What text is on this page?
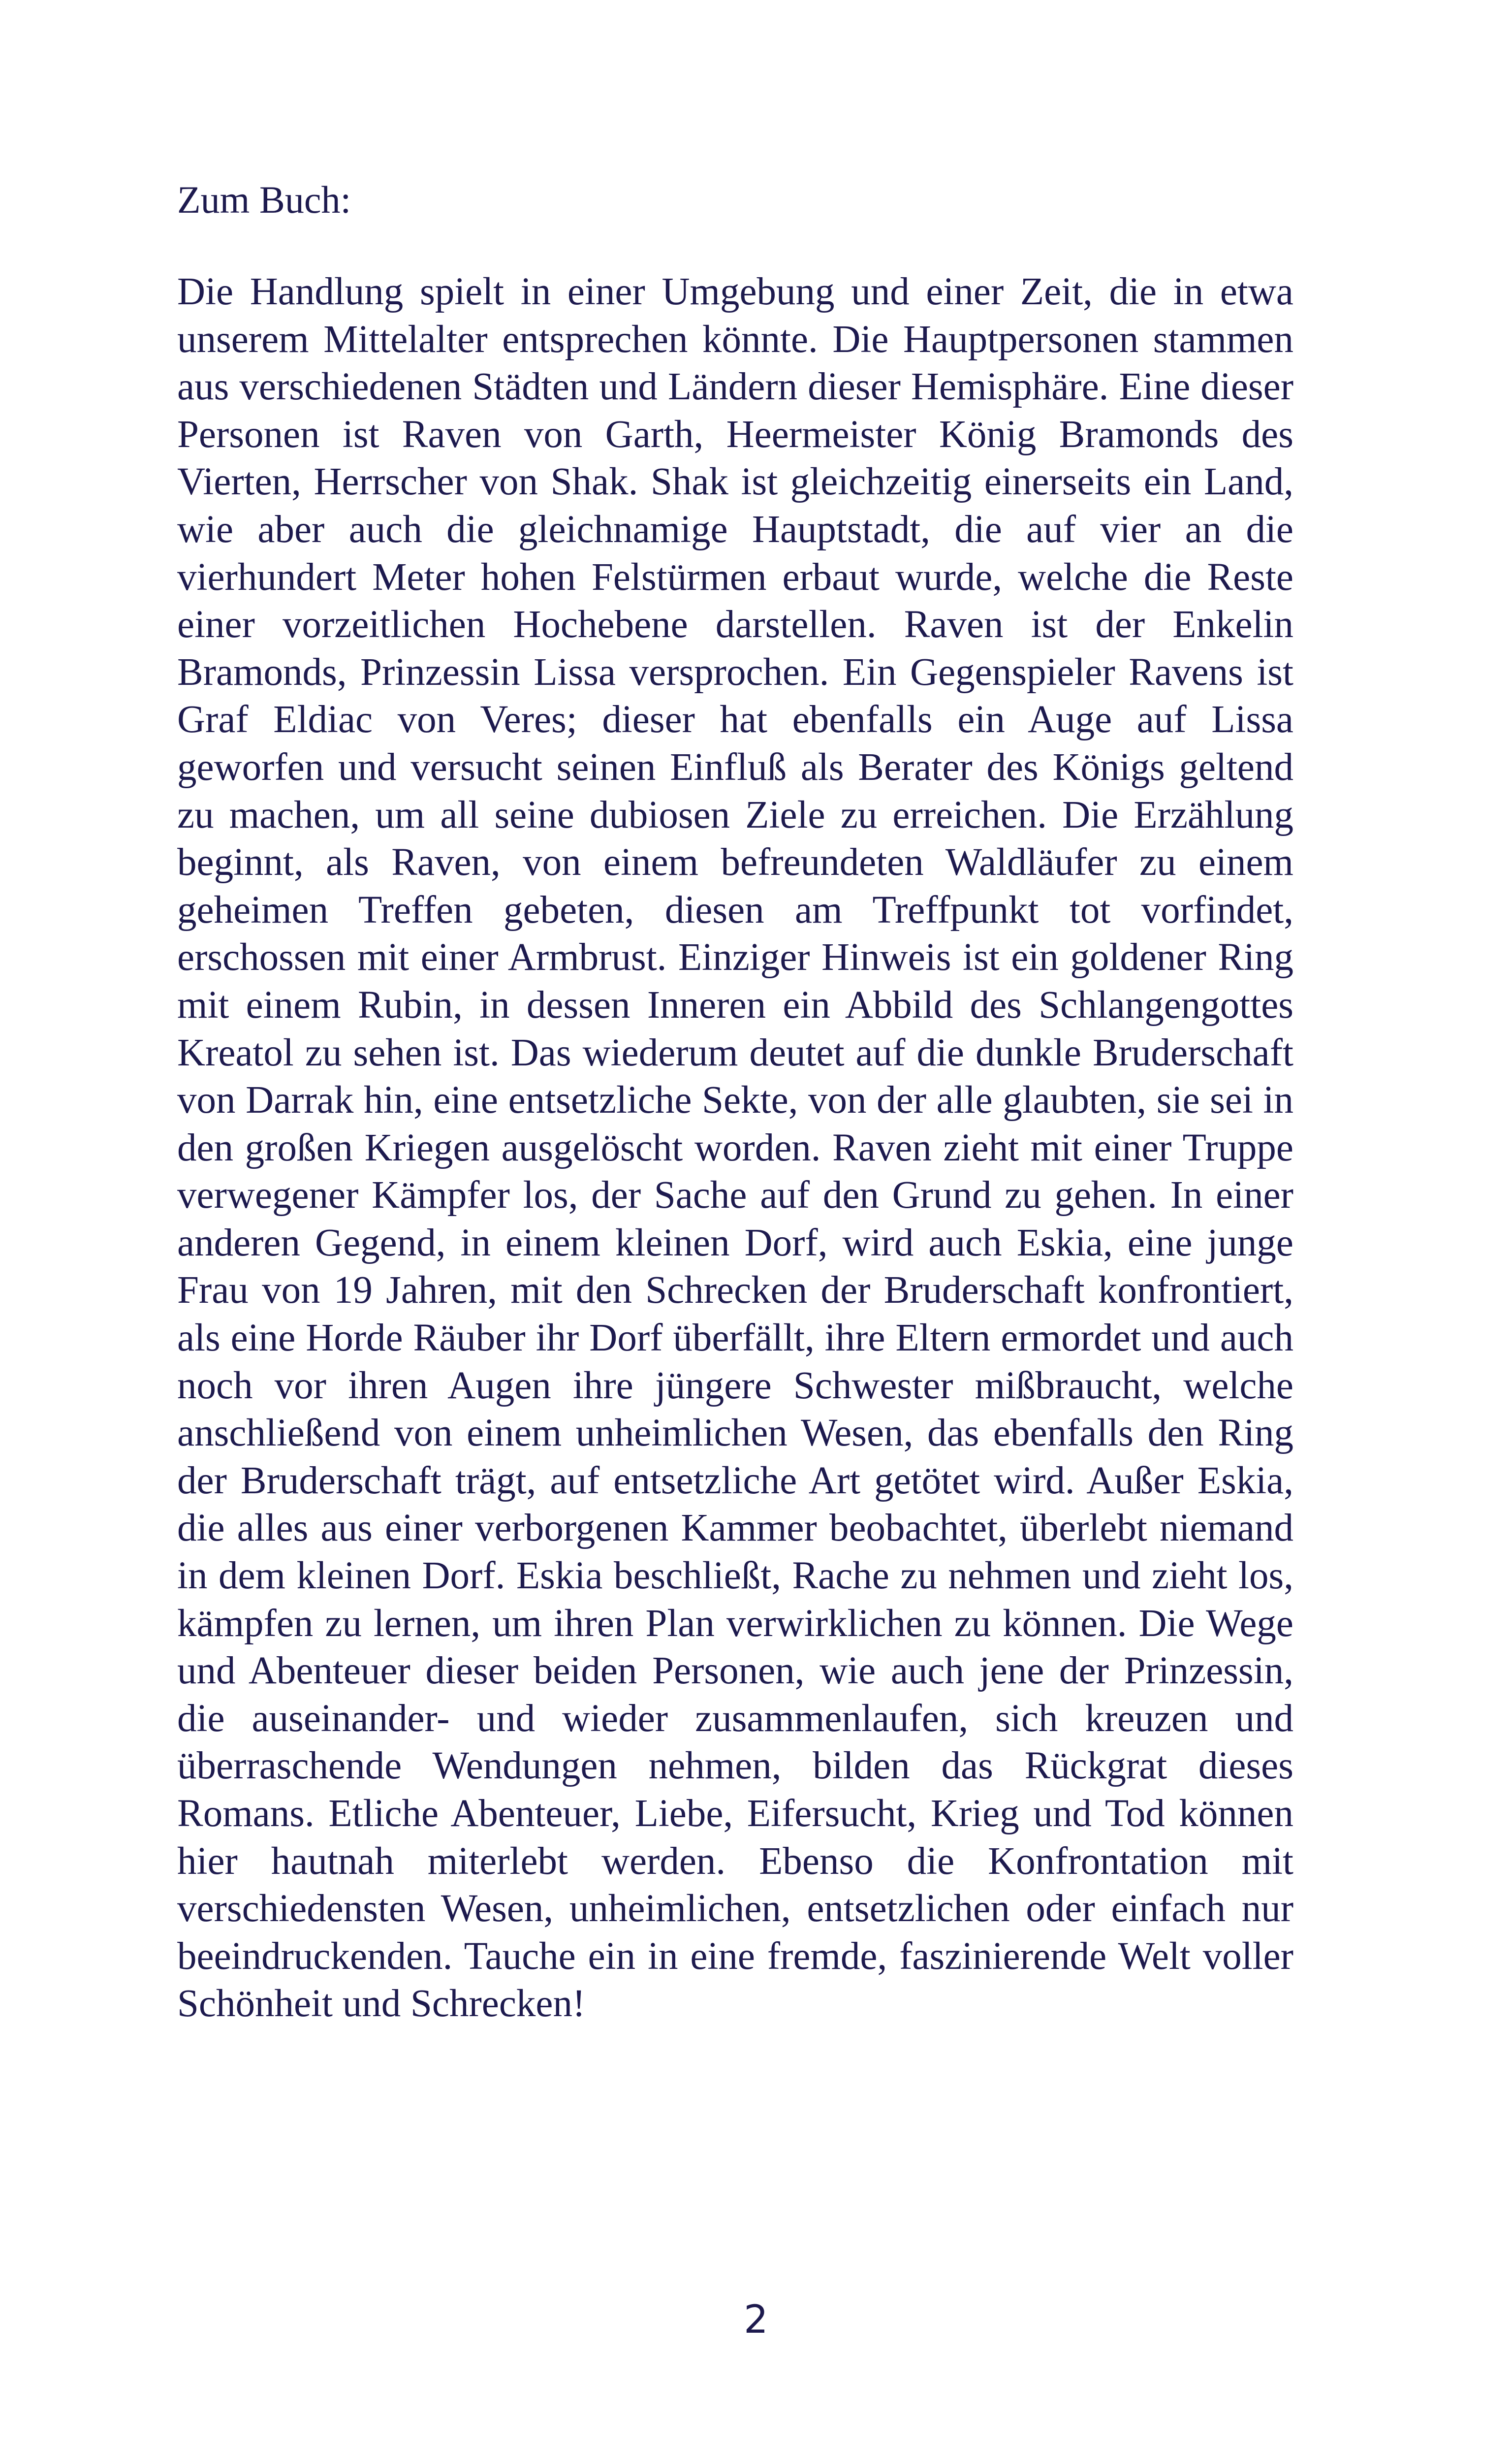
Zum Buch:

Die Handlung spielt in einer Umgebung und einer Zeit, die in etwa unserem Mittelalter entsprechen könnte. Die Hauptpersonen stammen aus verschiedenen Städten und Ländern dieser Hemisphäre. Eine dieser Personen ist Raven von Garth, Heermeister König Bramonds des Vierten, Herrscher von Shak. Shak ist gleichzeitig einerseits ein Land, wie aber auch die gleichnamige Hauptstadt, die auf vier an die vierhundert Meter hohen Felstürmen erbaut wurde, welche die Reste einer vorzeitlichen Hochebene darstellen. Raven ist der Enkelin Bramonds, Prinzessin Lissa versprochen. Ein Gegenspieler Ravens ist Graf Eldiac von Veres; dieser hat ebenfalls ein Auge auf Lissa geworfen und versucht seinen Einfluß als Berater des Königs geltend zu machen, um all seine dubiosen Ziele zu erreichen. Die Erzählung beginnt, als Raven, von einem befreundeten Waldläufer zu einem geheimen Treffen gebeten, diesen am Treffpunkt tot vorfindet, erschossen mit einer Armbrust. Einziger Hinweis ist ein goldener Ring mit einem Rubin, in dessen Inneren ein Abbild des Schlangengottes Kreatol zu sehen ist. Das wiederum deutet auf die dunkle Bruderschaft von Darrak hin, eine entsetzliche Sekte, von der alle glaubten, sie sei in den großen Kriegen ausgelöscht worden. Raven zieht mit einer Truppe verwegener Kämpfer los, der Sache auf den Grund zu gehen. In einer anderen Gegend, in einem kleinen Dorf, wird auch Eskia, eine junge Frau von 19 Jahren, mit den Schrecken der Bruderschaft konfrontiert, als eine Horde Räuber ihr Dorf überfällt, ihre Eltern ermordet und auch noch vor ihren Augen ihre jüngere Schwester mißbraucht, welche anschließend von einem unheimlichen Wesen, das ebenfalls den Ring der Bruderschaft trägt, auf entsetzliche Art getötet wird. Außer Eskia, die alles aus einer verborgenen Kammer beobachtet, überlebt niemand in dem kleinen Dorf. Eskia beschließt, Rache zu nehmen und zieht los, kämpfen zu lernen, um ihren Plan verwirklichen zu können. Die Wege und Abenteuer dieser beiden Personen, wie auch jene der Prinzessin, die auseinander- und wieder zusammenlaufen, sich kreuzen und überraschende Wendungen nehmen, bilden das Rückgrat dieses Romans. Etliche Abenteuer, Liebe, Eifersucht, Krieg und Tod können hier hautnah miterlebt werden. Ebenso die Konfrontation mit verschiedensten Wesen, unheimlichen, entsetzlichen oder einfach nur beeindruckenden. Tauche ein in eine fremde, faszinierende Welt voller Schönheit und Schrecken!

2
